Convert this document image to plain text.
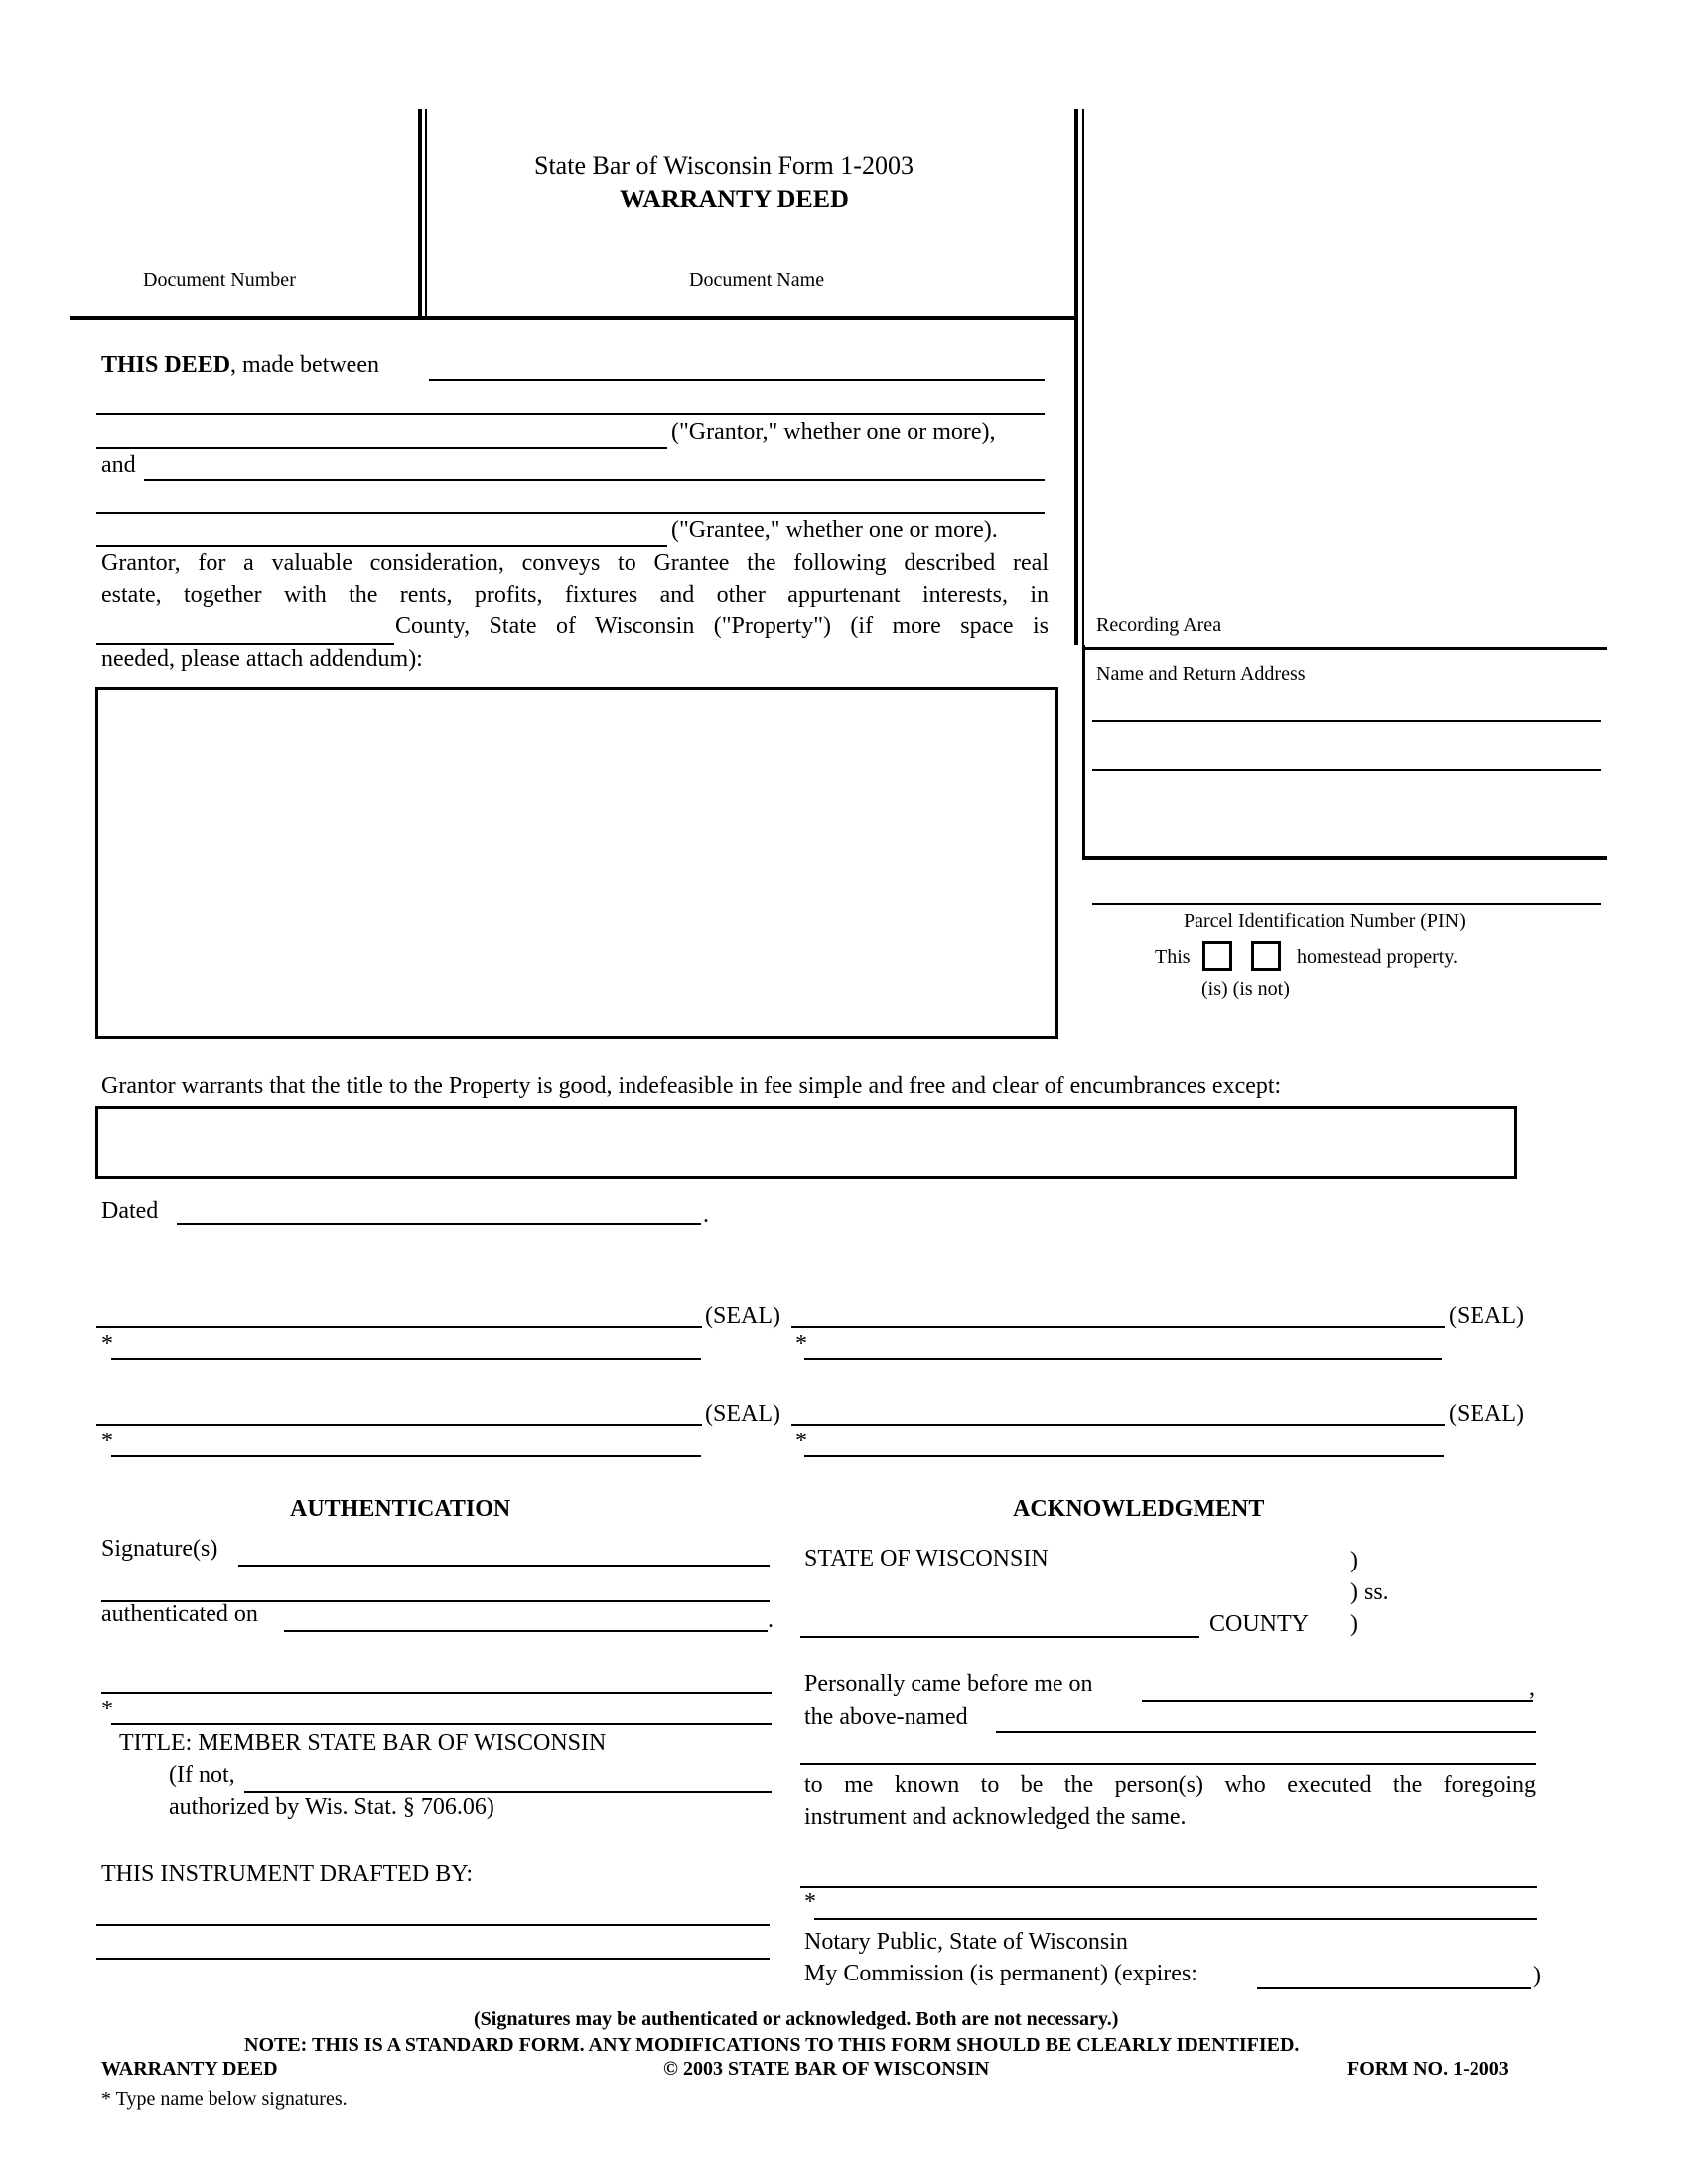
State Bar of Wisconsin Form 1-2003
WARRANTY DEED
Document Number	Document Name
Recording Area
Name and Return Address
Parcel Identification Number (PIN)
This	homestead property.
(is) (is not)
THIS DEED, made between
("Grantor," whether one or more),
and
("Grantee," whether one or more).
Grantor, for a valuable consideration, conveys to Grantee the following described real
estate, together with the rents, profits, fixtures and other appurtenant interests, in
County, State of Wisconsin ("Property") (if more space is
needed, please attach addendum):
Grantor warrants that the title to the Property is good, indefeasible in fee simple and free and clear of encumbrances except:
Dated	.
(SEAL)	(SEAL)
*	*
(SEAL)	(SEAL)
*	*
AUTHENTICATION
Signature(s)
authenticated on	.
*
TITLE: MEMBER STATE BAR OF WISCONSIN
(If not,
authorized by Wis. Stat. § 706.06)
THIS INSTRUMENT DRAFTED BY:
ACKNOWLEDGMENT
STATE OF WISCONSIN	)
) ss.
COUNTY )
Personally came before me on	,
the above-named
to me known to be the person(s) who executed the foregoing
instrument and acknowledged the same.
*
Notary Public, State of Wisconsin
My Commission (is permanent) (expires:	)
(Signatures may be authenticated or acknowledged. Both are not necessary.)
NOTE: THIS IS A STANDARD FORM. ANY MODIFICATIONS TO THIS FORM SHOULD BE CLEARLY IDENTIFIED.
WARRANTY DEED	© 2003 STATE BAR OF WISCONSIN	FORM NO. 1-2003
* Type name below signatures.
